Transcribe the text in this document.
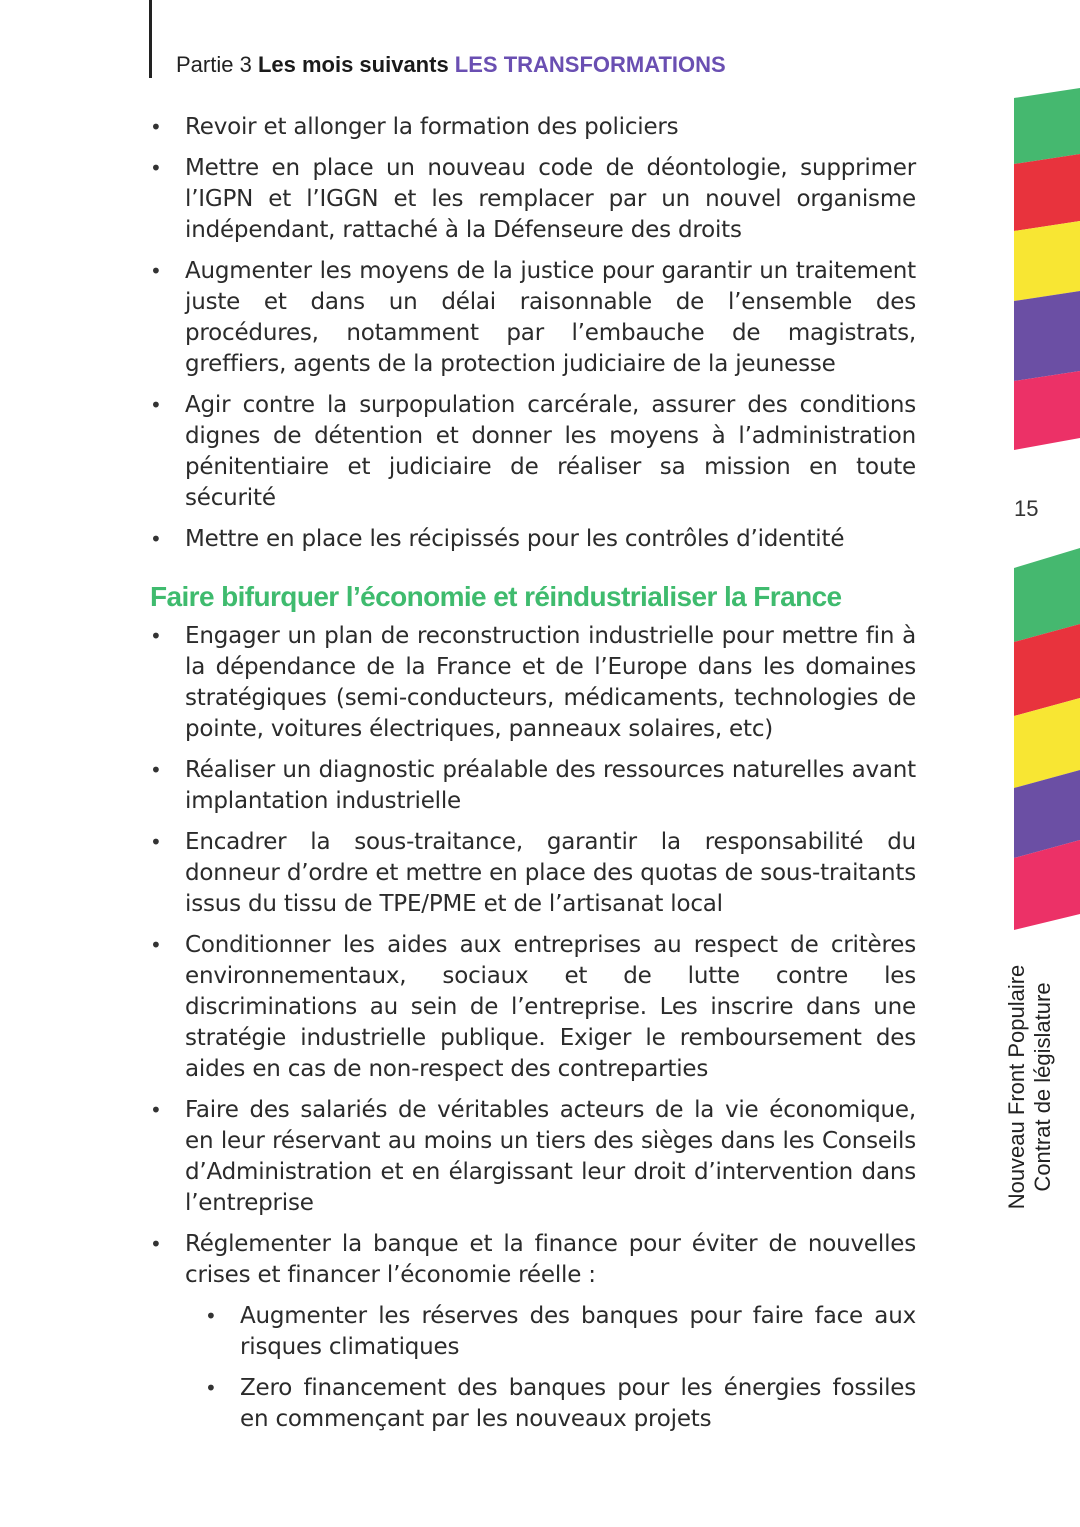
Partie 3 Les mois suivants LES TRANSFORMATIONS
• Revoir et allonger la formation des policiers
• Mettre en place un nouveau code de déontologie, supprimer l’IGPN et l’IGGN et les remplacer par un nouvel organisme indépendant, rattaché à la Défenseure des droits
• Augmenter les moyens de la justice pour garantir un traitement juste et dans un délai raisonnable de l’ensemble des procédures, notamment par l’embauche de magistrats, greffiers, agents de la protection judiciaire de la jeunesse
• Agir contre la surpopulation carcérale, assurer des conditions dignes de détention et donner les moyens à l’administration pénitentiaire et judiciaire de réaliser sa mission en toute sécurité
• Mettre en place les récipissés pour les contrôles d’identité
Faire bifurquer l’économie et réindustrialiser la France
• Engager un plan de reconstruction industrielle pour mettre fin à la dépendance de la France et de l’Europe dans les domaines stratégiques (semi-conducteurs, médicaments, technologies de pointe, voitures électriques, panneaux solaires, etc)
• Réaliser un diagnostic préalable des ressources naturelles avant implantation industrielle
• Encadrer la sous-traitance, garantir la responsabilité du donneur d’ordre et mettre en place des quotas de sous-traitants issus du tissu de TPE/PME et de l’artisanat local
• Conditionner les aides aux entreprises au respect de critères environnementaux, sociaux et de lutte contre les discriminations au sein de l’entreprise. Les inscrire dans une stratégie industrielle publique. Exiger le remboursement des aides en cas de non-respect des contreparties
• Faire des salariés de véritables acteurs de la vie économique, en leur réservant au moins un tiers des sièges dans les Conseils d’Administration et en élargissant leur droit d’intervention dans l’entreprise
• Réglementer la banque et la finance pour éviter de nouvelles crises et financer l’économie réelle :
• Augmenter les réserves des banques pour faire face aux risques climatiques
• Zero financement des banques pour les énergies fossiles en commençant par les nouveaux projets
15
Nouveau Front Populaire Contrat de législature
